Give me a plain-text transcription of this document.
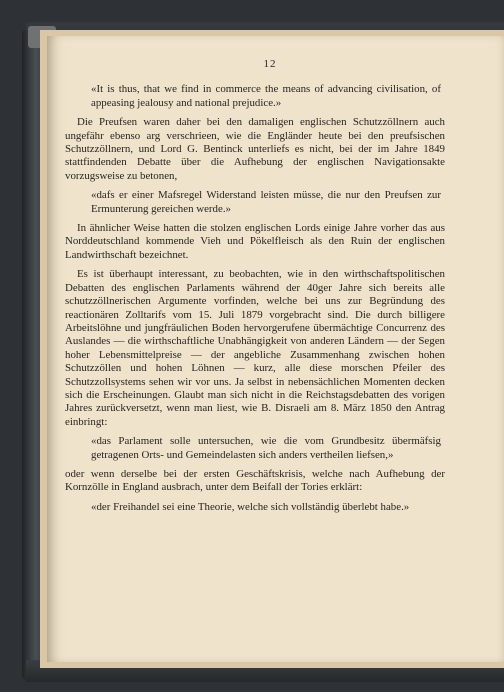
12

«It is thus, that we find in commerce the means of advancing civilisation, of appeasing jealousy and national prejudice.»

Die Preufsen waren daher bei den damaligen englischen Schutzzöllnern auch ungefähr ebenso arg verschrieen, wie die Engländer heute bei den preufsischen Schutzzöllnern, und Lord G. Bentinck unterliefs es nicht, bei der im Jahre 1849 stattfindenden Debatte über die Aufhebung der englischen Navigationsakte vorzugsweise zu betonen,

«dafs er einer Mafsregel Widerstand leisten müsse, die nur den Preufsen zur Ermunterung gereichen werde.»

In ähnlicher Weise hatten die stolzen englischen Lords einige Jahre vorher das aus Norddeutschland kommende Vieh und Pökelfleisch als den Ruin der englischen Landwirthschaft bezeichnet.

Es ist überhaupt interessant, zu beobachten, wie in den wirthschaftspolitischen Debatten des englischen Parlaments während der 40ger Jahre sich bereits alle schutzzöllnerischen Argumente vorfinden, welche bei uns zur Begründung des reactionären Zolltarifs vom 15. Juli 1879 vorgebracht sind. Die durch billigere Arbeitslöhne und jungfräulichen Boden hervorgerufene übermächtige Concurrenz des Auslandes — die wirthschaftliche Unabhängigkeit von anderen Ländern — der Segen hoher Lebensmittelpreise — der angebliche Zusammenhang zwischen hohen Schutzzöllen und hohen Löhnen — kurz, alle diese morschen Pfeiler des Schutzzollsystems sehen wir vor uns. Ja selbst in nebensächlichen Momenten decken sich die Erscheinungen. Glaubt man sich nicht in die Reichstagsdebatten des vorigen Jahres zurückversetzt, wenn man liest, wie B. Disraeli am 8. März 1850 den Antrag einbringt:

«das Parlament solle untersuchen, wie die vom Grundbesitz übermäfsig getragenen Orts- und Gemeindelasten sich anders vertheilen liefsen,»

oder wenn derselbe bei der ersten Geschäftskrisis, welche nach Aufhebung der Kornzölle in England ausbrach, unter dem Beifall der Tories erklärt:

«der Freihandel sei eine Theorie, welche sich vollständig überlebt habe.»
